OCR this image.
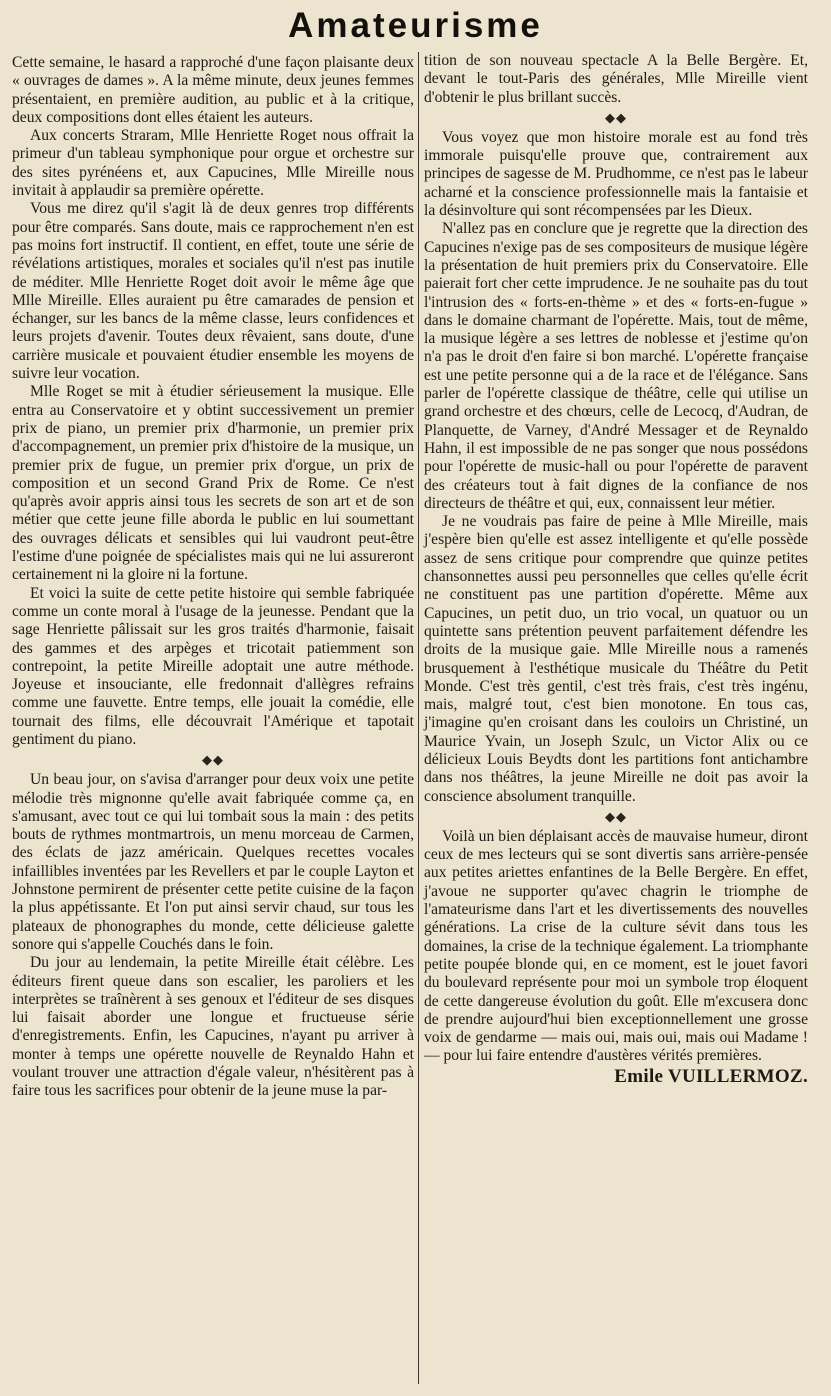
Amateurisme

Cette semaine, le hasard a rapproché d'une façon plaisante deux « ouvrages de dames ». A la même minute, deux jeunes femmes présentaient, en première audition, au public et à la critique, deux compositions dont elles étaient les auteurs.

Aux concerts Straram, Mlle Henriette Roget nous offrait la primeur d'un tableau symphonique pour orgue et orchestre sur des sites pyrénéens et, aux Capucines, Mlle Mireille nous invitait à applaudir sa première opérette.

Vous me direz qu'il s'agit là de deux genres trop différents pour être comparés. Sans doute, mais ce rapprochement n'en est pas moins fort instructif. Il contient, en effet, toute une série de révélations artistiques, morales et sociales qu'il n'est pas inutile de méditer. Mlle Henriette Roget doit avoir le même âge que Mlle Mireille. Elles auraient pu être camarades de pension et échanger, sur les bancs de la même classe, leurs confidences et leurs projets d'avenir. Toutes deux rêvaient, sans doute, d'une carrière musicale et pouvaient étudier ensemble les moyens de suivre leur vocation.

Mlle Roget se mit à étudier sérieusement la musique. Elle entra au Conservatoire et y obtint successivement un premier prix de piano, un premier prix d'harmonie, un premier prix d'accompagnement, un premier prix d'histoire de la musique, un premier prix de fugue, un premier prix d'orgue, un prix de composition et un second Grand Prix de Rome. Ce n'est qu'après avoir appris ainsi tous les secrets de son art et de son métier que cette jeune fille aborda le public en lui soumettant des ouvrages délicats et sensibles qui lui vaudront peut-être l'estime d'une poignée de spécialistes mais qui ne lui assureront certainement ni la gloire ni la fortune.

Et voici la suite de cette petite histoire qui semble fabriquée comme un conte moral à l'usage de la jeunesse. Pendant que la sage Henriette pâlissait sur les gros traités d'harmonie, faisait des gammes et des arpèges et tricotait patiemment son contrepoint, la petite Mireille adoptait une autre méthode. Joyeuse et insouciante, elle fredonnait d'allègres refrains comme une fauvette. Entre temps, elle jouait la comédie, elle tournait des films, elle découvrait l'Amérique et tapotait gentiment du piano.

◆◆

Un beau jour, on s'avisa d'arranger pour deux voix une petite mélodie très mignonne qu'elle avait fabriquée comme ça, en s'amusant, avec tout ce qui lui tombait sous la main : des petits bouts de rythmes montmartrois, un menu morceau de Carmen, des éclats de jazz américain. Quelques recettes vocales infaillibles inventées par les Revellers et par le couple Layton et Johnstone permirent de présenter cette petite cuisine de la façon la plus appétissante. Et l'on put ainsi servir chaud, sur tous les plateaux de phonographes du monde, cette délicieuse galette sonore qui s'appelle Couchés dans le foin.

Du jour au lendemain, la petite Mireille était célèbre. Les éditeurs firent queue dans son escalier, les paroliers et les interprètes se traînèrent à ses genoux et l'éditeur de ses disques lui faisait aborder une longue et fructueuse série d'enregistrements. Enfin, les Capucines, n'ayant pu arriver à monter à temps une opérette nouvelle de Reynaldo Hahn et voulant trouver une attraction d'égale valeur, n'hésitèrent pas à faire tous les sacrifices pour obtenir de la jeune muse la par-

tition de son nouveau spectacle A la Belle Bergère. Et, devant le tout-Paris des générales, Mlle Mireille vient d'obtenir le plus brillant succès.

◆◆

Vous voyez que mon histoire morale est au fond très immorale puisqu'elle prouve que, contrairement aux principes de sagesse de M. Prudhomme, ce n'est pas le labeur acharné et la conscience professionnelle mais la fantaisie et la désinvolture qui sont récompensées par les Dieux.

N'allez pas en conclure que je regrette que la direction des Capucines n'exige pas de ses compositeurs de musique légère la présentation de huit premiers prix du Conservatoire. Elle paierait fort cher cette imprudence. Je ne souhaite pas du tout l'intrusion des « forts-en-thème » et des « forts-en-fugue » dans le domaine charmant de l'opérette. Mais, tout de même, la musique légère a ses lettres de noblesse et j'estime qu'on n'a pas le droit d'en faire si bon marché. L'opérette française est une petite personne qui a de la race et de l'élégance. Sans parler de l'opérette classique de théâtre, celle qui utilise un grand orchestre et des chœurs, celle de Lecocq, d'Audran, de Planquette, de Varney, d'André Messager et de Reynaldo Hahn, il est impossible de ne pas songer que nous possédons pour l'opérette de music-hall ou pour l'opérette de paravent des créateurs tout à fait dignes de la confiance de nos directeurs de théâtre et qui, eux, connaissent leur métier.

Je ne voudrais pas faire de peine à Mlle Mireille, mais j'espère bien qu'elle est assez intelligente et qu'elle possède assez de sens critique pour comprendre que quinze petites chansonnettes aussi peu personnelles que celles qu'elle écrit ne constituent pas une partition d'opérette. Même aux Capucines, un petit duo, un trio vocal, un quatuor ou un quintette sans prétention peuvent parfaitement défendre les droits de la musique gaie. Mlle Mireille nous a ramenés brusquement à l'esthétique musicale du Théâtre du Petit Monde. C'est très gentil, c'est très frais, c'est très ingénu, mais, malgré tout, c'est bien monotone. En tous cas, j'imagine qu'en croisant dans les couloirs un Christiné, un Maurice Yvain, un Joseph Szulc, un Victor Alix ou ce délicieux Louis Beydts dont les partitions font antichambre dans nos théâtres, la jeune Mireille ne doit pas avoir la conscience absolument tranquille.

◆◆

Voilà un bien déplaisant accès de mauvaise humeur, diront ceux de mes lecteurs qui se sont divertis sans arrière-pensée aux petites ariettes enfantines de la Belle Bergère. En effet, j'avoue ne supporter qu'avec chagrin le triomphe de l'amateurisme dans l'art et les divertissements des nouvelles générations. La crise de la culture sévit dans tous les domaines, la crise de la technique également. La triomphante petite poupée blonde qui, en ce moment, est le jouet favori du boulevard représente pour moi un symbole trop éloquent de cette dangereuse évolution du goût. Elle m'excusera donc de prendre aujourd'hui bien exceptionnellement une grosse voix de gendarme — mais oui, mais oui, mais oui Madame ! — pour lui faire entendre d'austères vérités premières.

Emile VUILLERMOZ.
